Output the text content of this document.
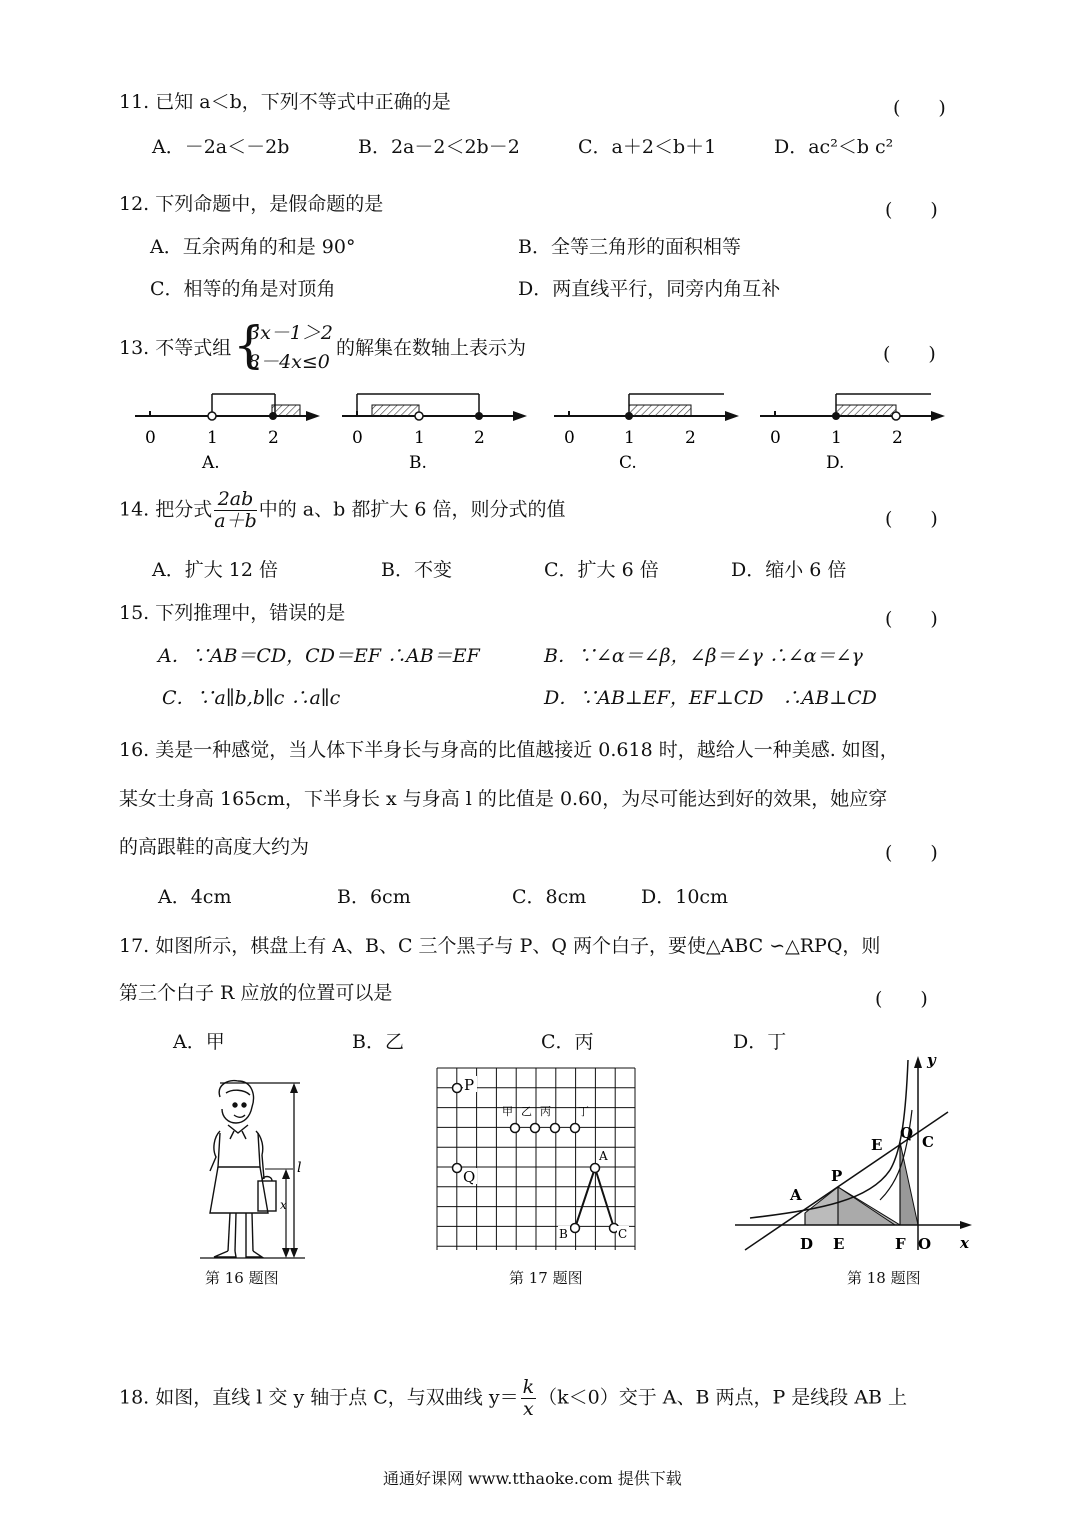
11. 已知 a＜b，下列不等式中正确的是	(　　)
A．－2a＜－2b	B．2a－2＜2b－2	C．a＋2＜b＋1	D．ac²＜b c²
12. 下列命题中，是假命题的是	(　　)
A．互余两角的和是 90°	B．全等三角形的面积相等
C．相等的角是对顶角	D．两直线平行，同旁内角互补
13. 不等式组 {
3x－1＞2
8－4x≤0
的解集在数轴上表示为	(　　)
0	1	2
A.
0	1	2
B.
0	1	2
C.
0	1	2
D.
14. 把分式 $\frac{2ab}{a+b}$ 中的 a、b 都扩大 6 倍，则分式的值	(　　)
A．扩大 12 倍	B．不变	C．扩大 6 倍	D．缩小 6 倍
15. 下列推理中，错误的是	(　　)
A．∵AB＝CD，CD＝EF ∴AB＝EF	B．∵∠α＝∠β，∠β＝∠γ ∴∠α＝∠γ
C．∵a∥b,b∥c ∴a∥c	D．∵AB⊥EF，EF⊥CD　∴AB⊥CD
16. 美是一种感觉，当人体下半身长与身高的比值越接近 0.618 时，越给人一种美感. 如图，
某女士身高 165cm，下半身长 x 与身高 l 的比值是 0.60，为尽可能达到好的效果，她应穿
的高跟鞋的高度大约为	(　　)
A．4cm	B．6cm	C．8cm	D．10cm
17. 如图所示，棋盘上有 A、B、C 三个黑子与 P、Q 两个白子，要使△ABC ∽△RPQ，则
第三个白子 R 应放的位置可以是	(　　)
A．甲	B．乙	C．丙	D．丁
l
x
第 16 题图
P
Q
A
B	C
甲 乙 丙 丁
第 17 题图
y
x
Q C
E
P
A
D E	F O
第 18 题图
18. 如图，直线 l 交 y 轴于点 C，与双曲线 $y= \frac{k}{x} (k<0)$交于 A、B 两点，P 是线段 AB 上
通通好课网 www.tthaoke.com 提供下载
